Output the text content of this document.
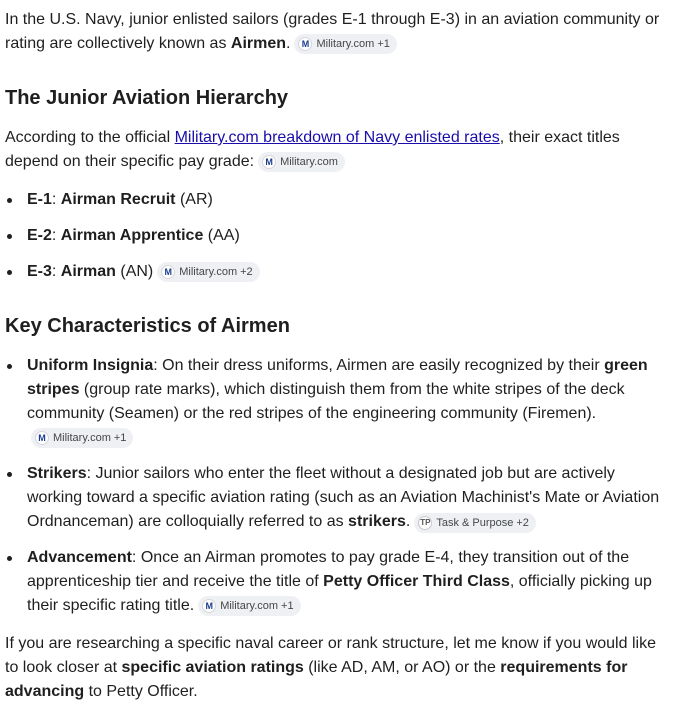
In the U.S. Navy, junior enlisted sailors (grades E-1 through E-3) in an aviation community or rating are collectively known as Airmen. M Military.com +1

The Junior Aviation Hierarchy

According to the official Military.com breakdown of Navy enlisted rates, their exact titles depend on their specific pay grade: M Military.com

E-1: Airman Recruit (AR)
E-2: Airman Apprentice (AA)
E-3: Airman (AN) M Military.com +2
Key Characteristics of Airmen
Uniform Insignia: On their dress uniforms, Airmen are easily recognized by their green stripes (group rate marks), which distinguish them from the white stripes of the deck community (Seamen) or the red stripes of the engineering community (Firemen).
M Military.com +1
Strikers: Junior sailors who enter the fleet without a designated job but are actively working toward a specific aviation rating (such as an Aviation Machinist's Mate or Aviation Ordnanceman) are colloquially referred to as strikers. TP Task & Purpose +2
Advancement: Once an Airman promotes to pay grade E-4, they transition out of the apprenticeship tier and receive the title of Petty Officer Third Class, officially picking up their specific rating title. M Military.com +1

If you are researching a specific naval career or rank structure, let me know if you would like to look closer at specific aviation ratings (like AD, AM, or AO) or the requirements for advancing to Petty Officer.
